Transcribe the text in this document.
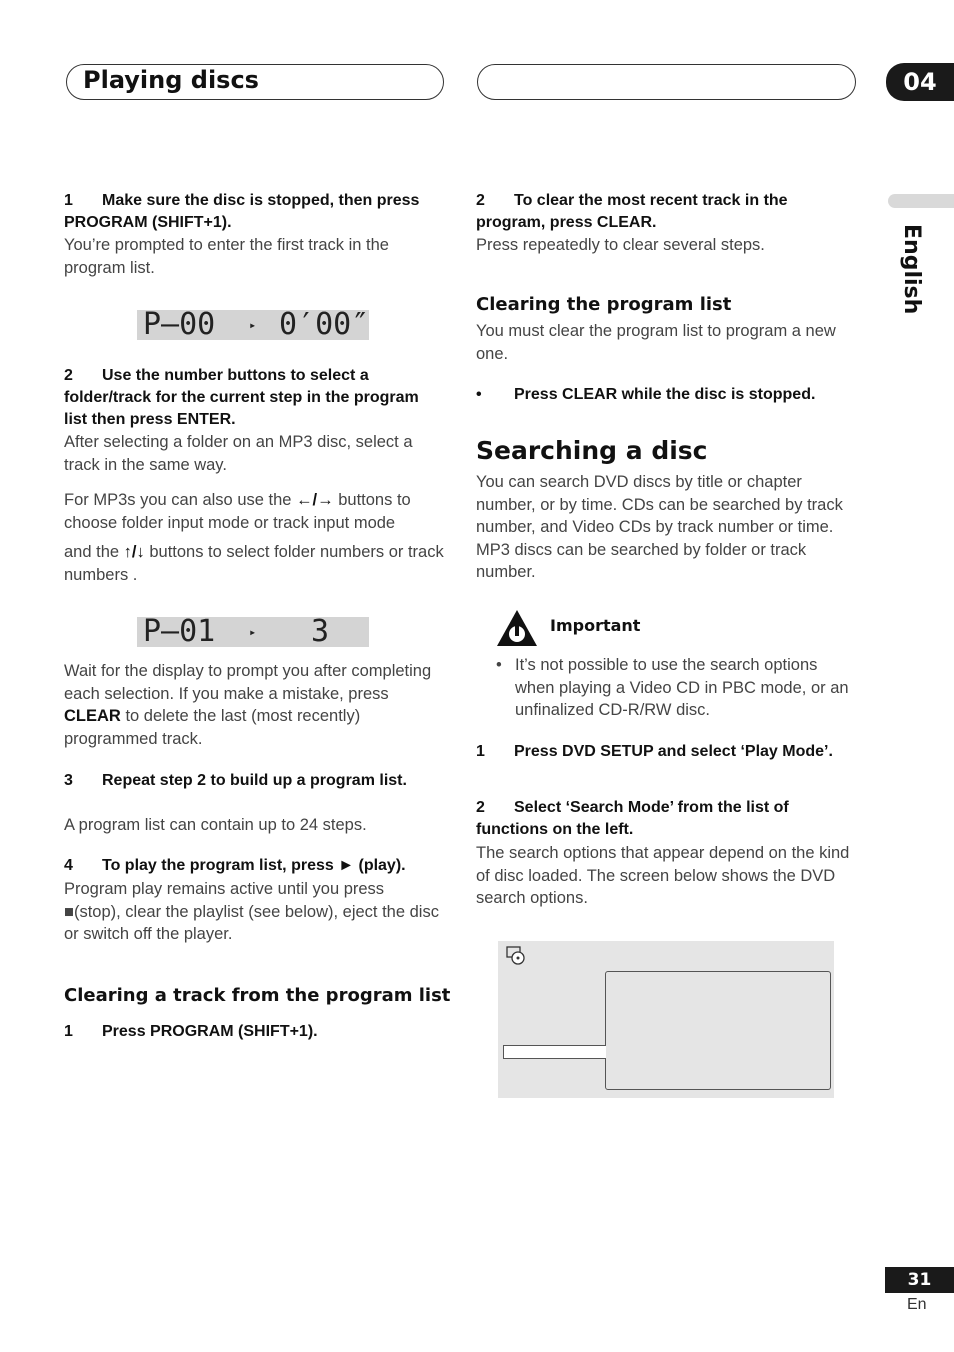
Playing discs	04
English
1 Make sure the disc is stopped, then press PROGRAM (SHIFT+1).
You’re prompted to enter the first track in the program list.

P–00

	▸

0′00″

2 Use the number buttons to select a folder/track for the current step in the program list then press ENTER.
After selecting a folder on an MP3 disc, select a track in the same way.
For MP3s you can also use the ←/→ buttons to choose folder input mode or track input mode
and the ↑/↓ buttons to select folder numbers or track numbers .

P–01

	▸

3

Wait for the display to prompt you after completing each selection. If you make a mistake, press CLEAR to delete the last (most recently) programmed track.
3 Repeat step 2 to build up a program list.
A program list can contain up to 24 steps.
4 To play the program list, press ► (play).
Program play remains active until you press ■(stop), clear the playlist (see below), eject the disc or switch off the player.
Clearing a track from the program list
1 Press PROGRAM (SHIFT+1).
2 To clear the most recent track in the program, press CLEAR.
Press repeatedly to clear several steps.
Clearing the program list
You must clear the program list to program a new one.
• Press CLEAR while the disc is stopped.
Searching a disc
You can search DVD discs by title or chapter number, or by time. CDs can be searched by track number, and Video CDs by track number or time. MP3 discs can be searched by folder or track number.
Important
• It’s not possible to use the search options when playing a Video CD in PBC mode, or an unfinalized CD-R/RW disc.
1 Press DVD SETUP and select ‘Play Mode’.
2 Select ‘Search Mode’ from the list of functions on the left.
The search options that appear depend on the kind of disc loaded. The screen below shows the DVD search options.
31
En
